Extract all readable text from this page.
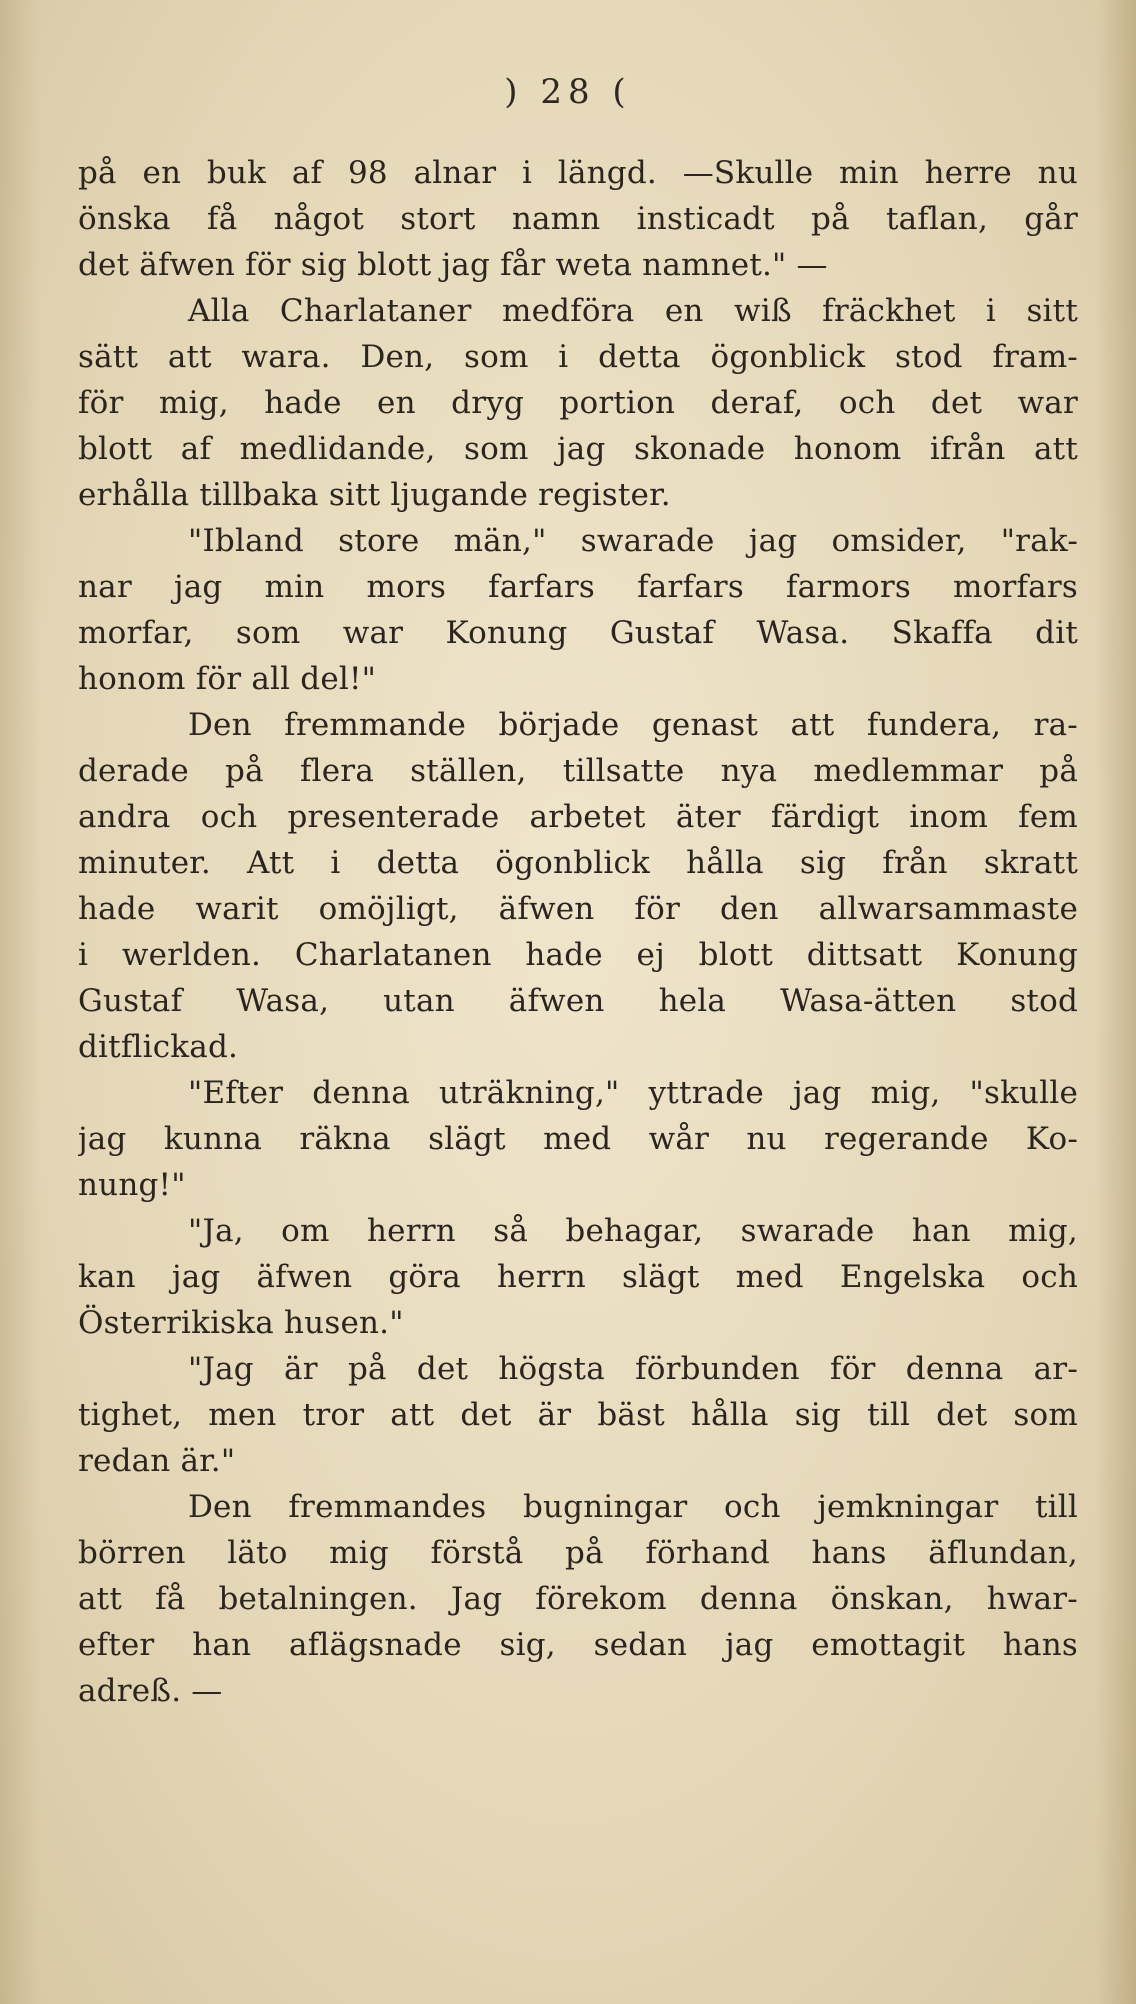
) 28 (
på en buk af 98 alnar i längd. —Skulle min herre nu
önska få något stort namn insticadt på taflan, går
det äfwen för sig blott jag får weta namnet." —
Alla Charlataner medföra en wiß fräckhet i sitt
sätt att wara. Den, som i detta ögonblick stod fram-
för mig, hade en dryg portion deraf, och det war
blott af medlidande, som jag skonade honom ifrån att
erhålla tillbaka sitt ljugande register.
"Ibland store män," swarade jag omsider, "rak-
nar jag min mors farfars farfars farmors morfars
morfar, som war Konung Gustaf Wasa. Skaffa dit
honom för all del!"
Den fremmande började genast att fundera, ra-
derade på flera ställen, tillsatte nya medlemmar på
andra och presenterade arbetet äter färdigt inom fem
minuter. Att i detta ögonblick hålla sig från skratt
hade warit omöjligt, äfwen för den allwarsammaste
i werlden. Charlatanen hade ej blott dittsatt Konung
Gustaf Wasa, utan äfwen hela Wasa-ätten stod
ditflickad.
"Efter denna uträkning," yttrade jag mig, "skulle
jag kunna räkna slägt med wår nu regerande Ko-
nung!"
"Ja, om herrn så behagar, swarade han mig,
kan jag äfwen göra herrn slägt med Engelska och
Österrikiska husen."
"Jag är på det högsta förbunden för denna ar-
tighet, men tror att det är bäst hålla sig till det som
redan är."
Den fremmandes bugningar och jemkningar till
börren läto mig förstå på förhand hans äflundan,
att få betalningen. Jag förekom denna önskan, hwar-
efter han aflägsnade sig, sedan jag emottagit hans
adreß. —
